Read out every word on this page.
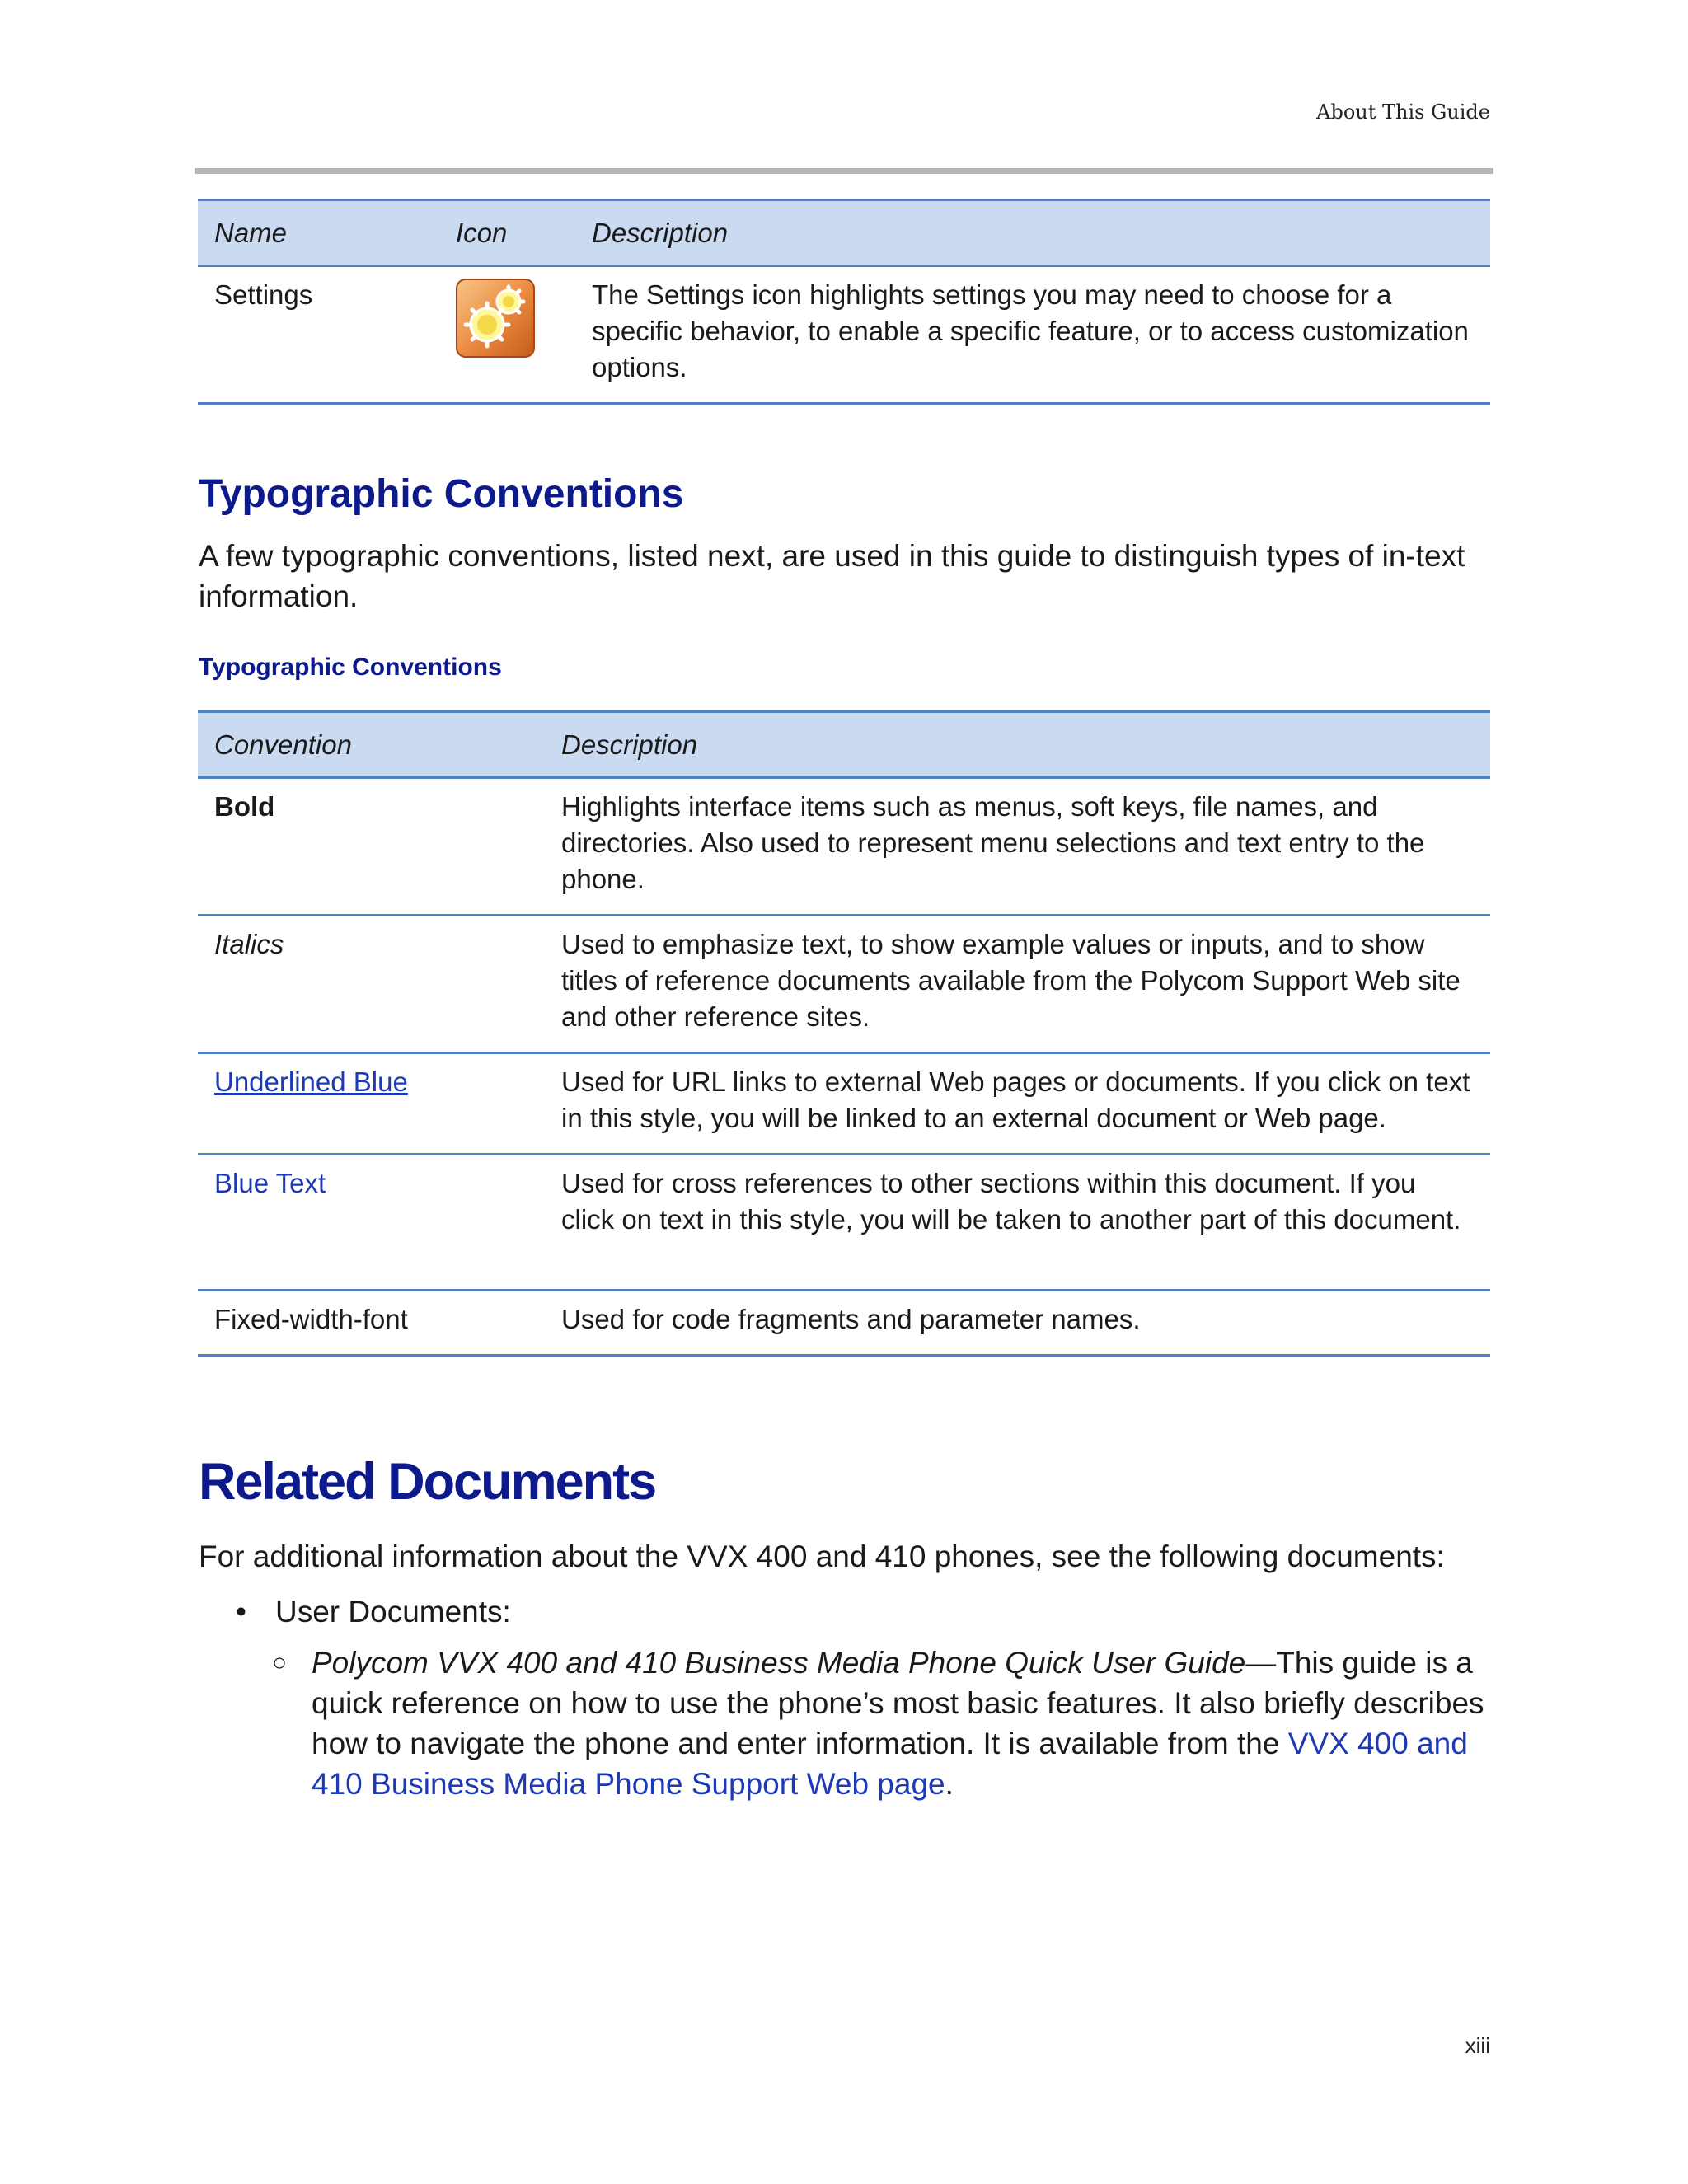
About This Guide
Name	Icon	Description
Settings		The Settings icon highlights settings you may need to choose for a specific behavior, to enable a specific feature, or to access customization options.
Typographic Conventions

A few typographic conventions, listed next, are used in this guide to distinguish types of in-text information.

Typographic Conventions

Convention	Description
Bold	Highlights interface items such as menus, soft keys, file names, and directories. Also used to represent menu selections and text entry to the phone.
Italics	Used to emphasize text, to show example values or inputs, and to show titles of reference documents available from the Polycom Support Web site and other reference sites.
Underlined Blue	Used for URL links to external Web pages or documents. If you click on text in this style, you will be linked to an external document or Web page.
Blue Text	Used for cross references to other sections within this document. If you click on text in this style, you will be taken to another part of this document.
Fixed-width-font	Used for code fragments and parameter names.
Related Documents

For additional information about the VVX 400 and 410 phones, see the following documents:

• User Documents:
○ Polycom VVX 400 and 410 Business Media Phone Quick User Guide—This guide is a quick reference on how to use the phone’s most basic features. It also briefly describes how to navigate the phone and enter information. It is available from the VVX 400 and 410 Business Media Phone Support Web page.
xiii
